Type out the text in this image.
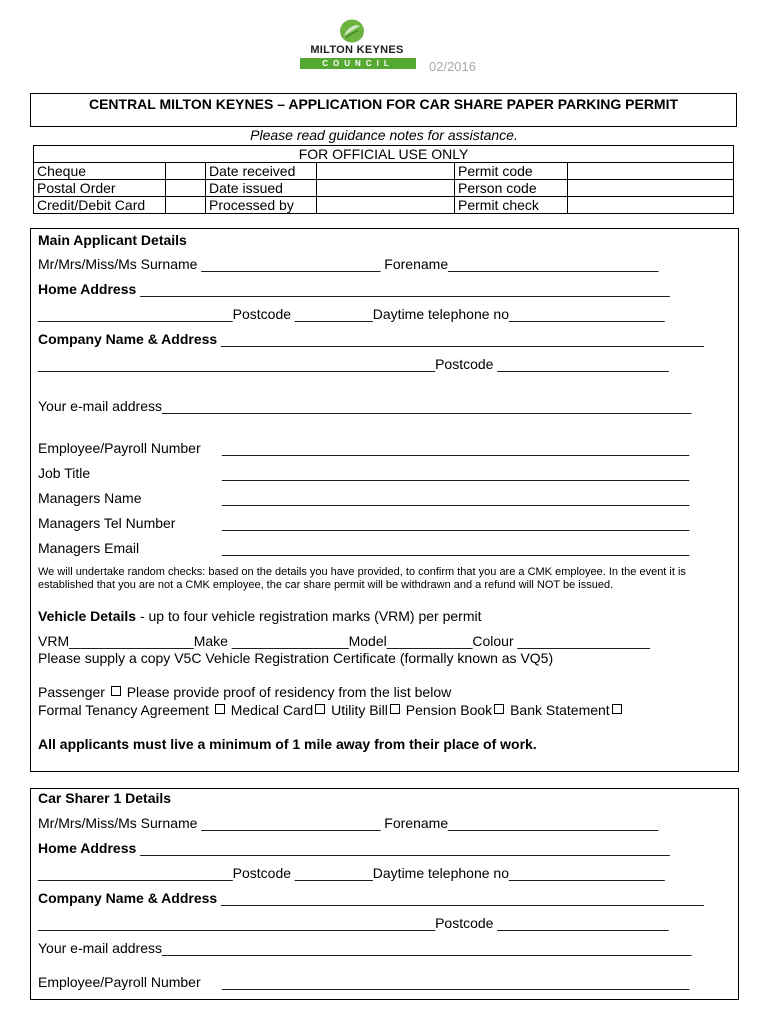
MILTON KEYNES
COUNCIL	02/2016
CENTRAL MILTON KEYNES – APPLICATION FOR CAR SHARE PAPER PARKING PERMIT
Please read guidance notes for assistance.
FOR OFFICIAL USE ONLY					
Cheque		Date received		Permit code	
Postal Order		Date issued		Person code	
Credit/Debit Card		Processed by		Permit check	
Main Applicant Details
Mr/Mrs/Miss/Ms Surname _______________________ Forename___________________________
Home Address ____________________________________________________________________
_________________________Postcode __________Daytime telephone no____________________
Company Name & Address ______________________________________________________________
___________________________________________________Postcode ______________________
Your e-mail address____________________________________________________________________
Employee/Payroll Number ____________________________________________________________
Job Title	____________________________________________________________
Managers Name	____________________________________________________________
Managers Tel Number	____________________________________________________________
Managers Email	____________________________________________________________
We will undertake random checks: based on the details you have provided, to confirm that you are a CMK employee. In the event it is established that you are not a CMK employee, the car share permit will be withdrawn and a refund will NOT be issued.
Vehicle Details - up to four vehicle registration marks (VRM) per permit
VRM________________Make _______________Model___________Colour _________________
Please supply a copy V5C Vehicle Registration Certificate (formally known as VQ5)
Passenger Please provide proof of residency from the list below
Formal Tenancy Agreement Medical Card Utility Bill Pension Book Bank Statement
All applicants must live a minimum of 1 mile away from their place of work.
Car Sharer 1 Details
Mr/Mrs/Miss/Ms Surname _______________________ Forename___________________________
Home Address ____________________________________________________________________
_________________________Postcode __________Daytime telephone no____________________
Company Name & Address ______________________________________________________________
___________________________________________________Postcode ______________________
Your e-mail address____________________________________________________________________
Employee/Payroll Number ____________________________________________________________
